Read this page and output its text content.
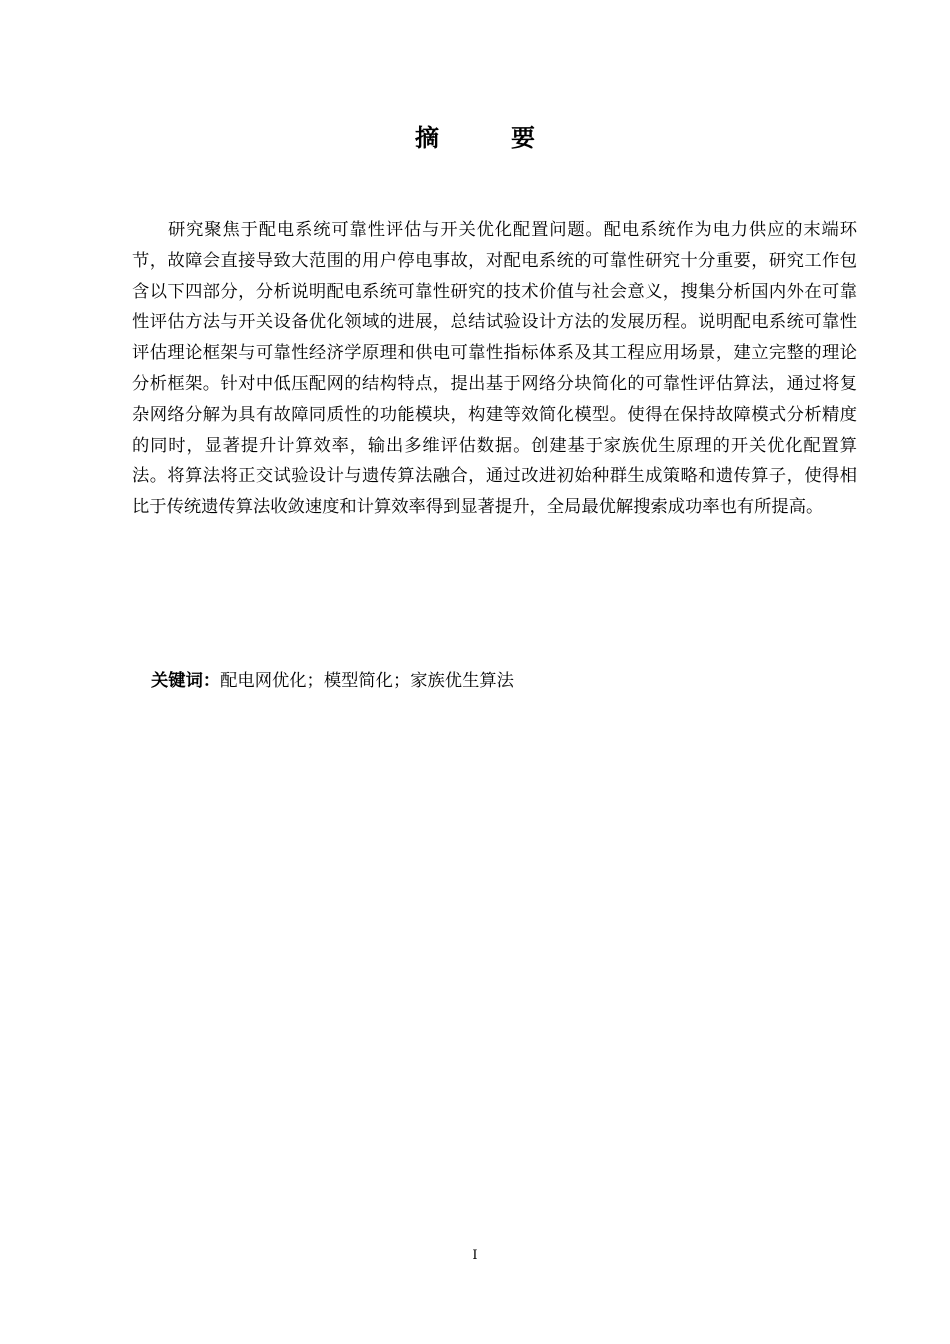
摘　要

研究聚焦于配电系统可靠性评估与开关优化配置问题。配电系统作为电力供应的末端环节，故障会直接导致大范围的用户停电事故，对配电系统的可靠性研究十分重要，研究工作包含以下四部分，分析说明配电系统可靠性研究的技术价值与社会意义，搜集分析国内外在可靠性评估方法与开关设备优化领域的进展，总结试验设计方法的发展历程。说明配电系统可靠性评估理论框架与可靠性经济学原理和供电可靠性指标体系及其工程应用场景，建立完整的理论分析框架。针对中低压配网的结构特点，提出基于网络分块简化的可靠性评估算法，通过将复杂网络分解为具有故障同质性的功能模块，构建等效简化模型。使得在保持故障模式分析精度的同时，显著提升计算效率，输出多维评估数据。创建基于家族优生原理的开关优化配置算法。将算法将正交试验设计与遗传算法融合，通过改进初始种群生成策略和遗传算子，使得相比于传统遗传算法收敛速度和计算效率得到显著提升，全局最优解搜索成功率也有所提高。

关键词：配电网优化；模型简化；家族优生算法
I
